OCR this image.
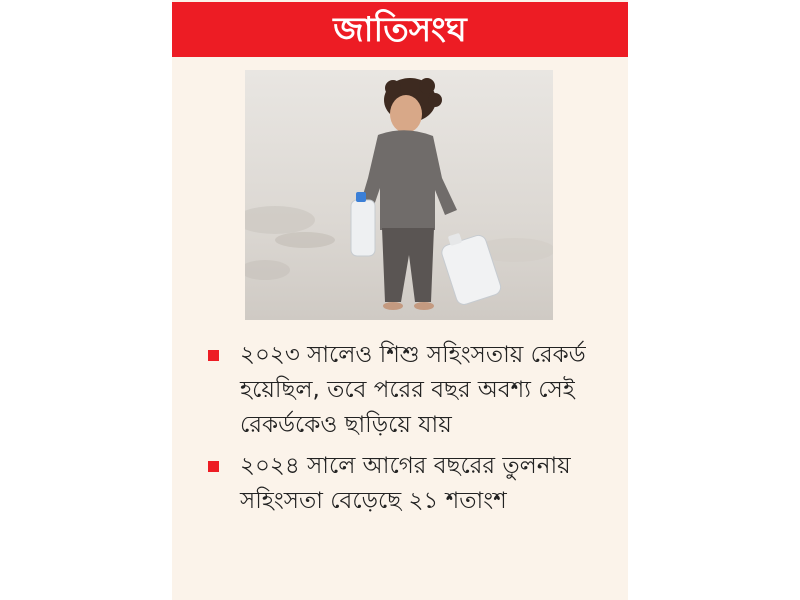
জাতিসংঘ
২০২৩ সালেও শিশু সহিংসতায় রেকর্ড হয়েছিল, তবে পরের বছর অবশ্য সেই রেকর্ডকেও ছাড়িয়ে যায়
২০২৪ সালে আগের বছরের তুলনায় সহিংসতা বেড়েছে ২১ শতাংশ
